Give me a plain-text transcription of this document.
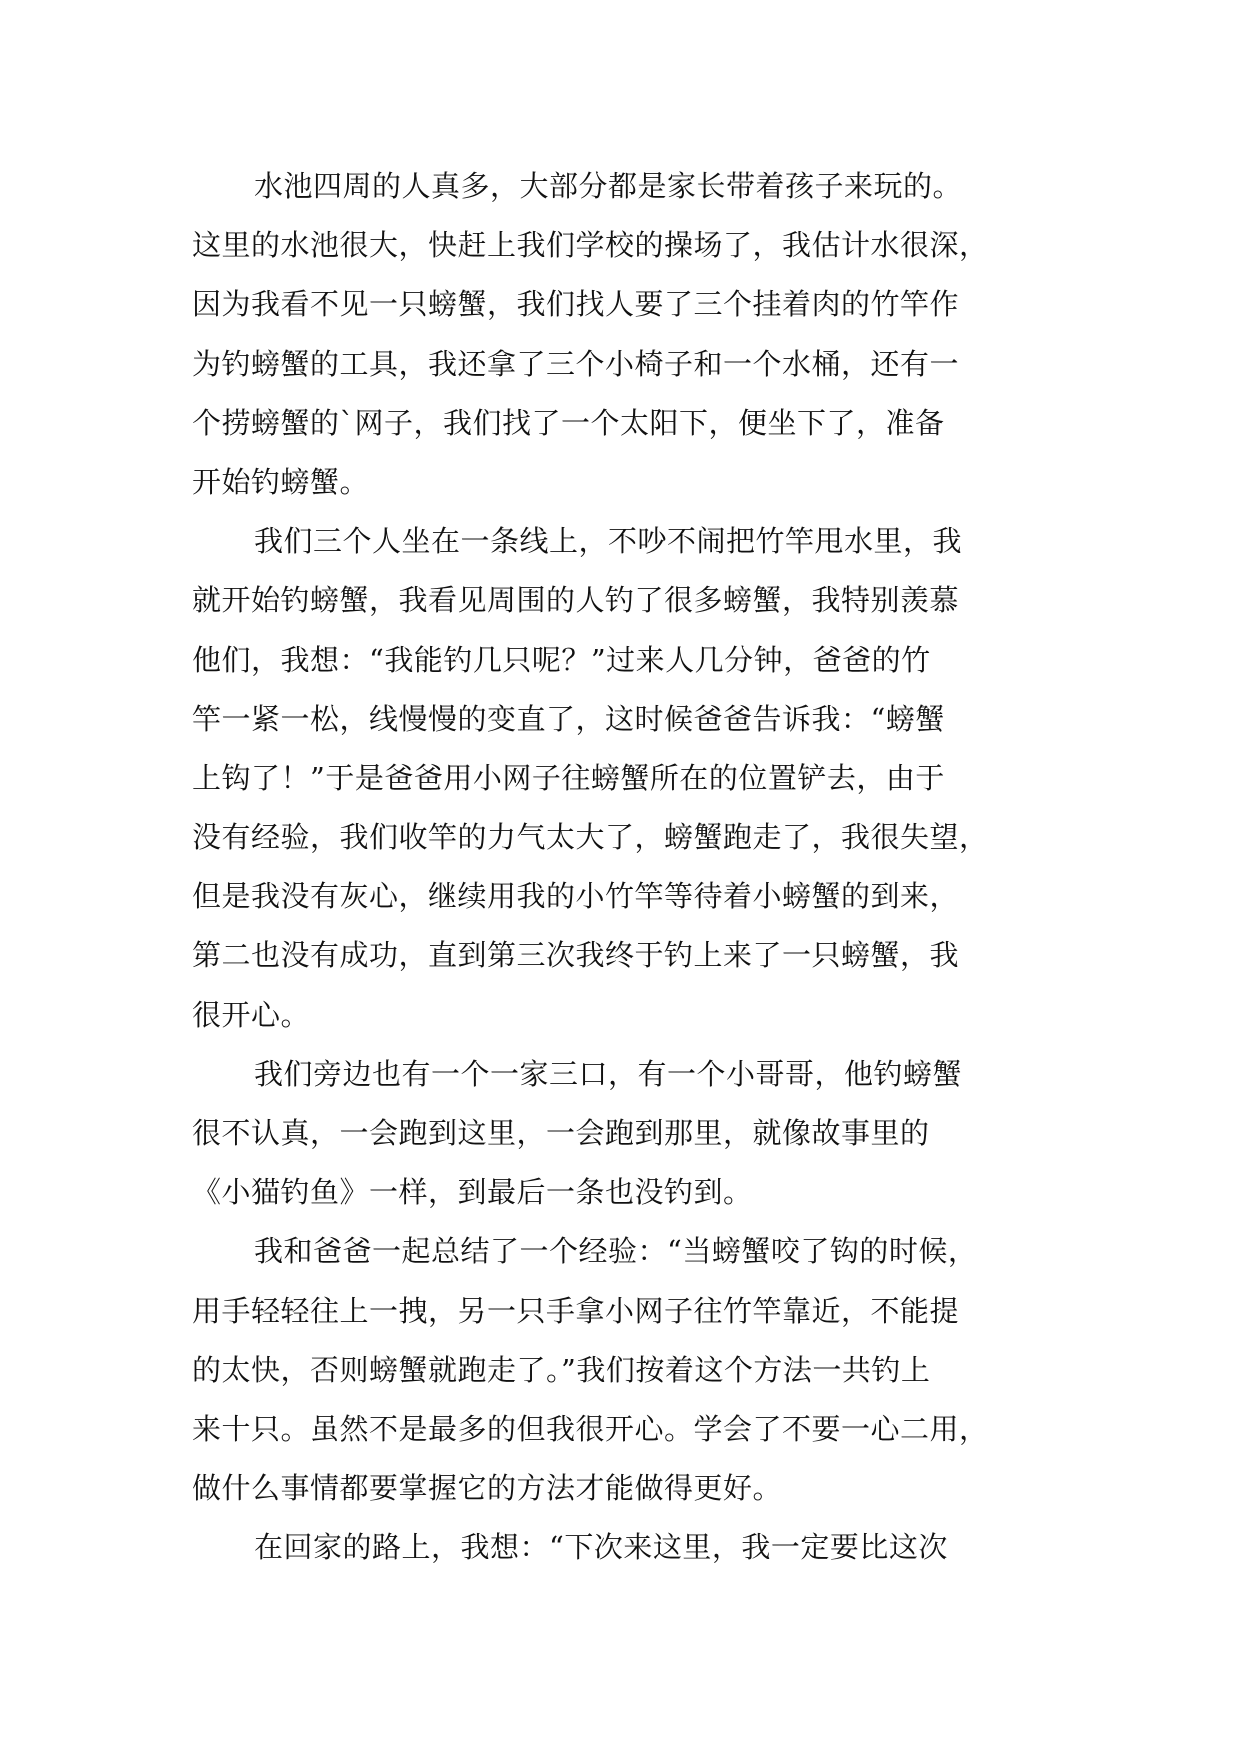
水池四周的人真多，大部分都是家长带着孩子来玩的。
这里的水池很大，快赶上我们学校的操场了，我估计水很深，
因为我看不见一只螃蟹，我们找人要了三个挂着肉的竹竿作
为钓螃蟹的工具，我还拿了三个小椅子和一个水桶，还有一
个捞螃蟹的`网子，我们找了一个太阳下，便坐下了，准备
开始钓螃蟹。
我们三个人坐在一条线上，不吵不闹把竹竿甩水里，我
就开始钓螃蟹，我看见周围的人钓了很多螃蟹，我特别羡慕
他们，我想：“我能钓几只呢？”过来人几分钟，爸爸的竹
竿一紧一松，线慢慢的变直了，这时候爸爸告诉我：“螃蟹
上钩了！”于是爸爸用小网子往螃蟹所在的位置铲去，由于
没有经验，我们收竿的力气太大了，螃蟹跑走了，我很失望，
但是我没有灰心，继续用我的小竹竿等待着小螃蟹的到来，
第二也没有成功，直到第三次我终于钓上来了一只螃蟹，我
很开心。
我们旁边也有一个一家三口，有一个小哥哥，他钓螃蟹
很不认真，一会跑到这里，一会跑到那里，就像故事里的
《小猫钓鱼》一样，到最后一条也没钓到。
我和爸爸一起总结了一个经验：“当螃蟹咬了钩的时候，
用手轻轻往上一拽，另一只手拿小网子往竹竿靠近，不能提
的太快，否则螃蟹就跑走了。”我们按着这个方法一共钓上
来十只。虽然不是最多的但我很开心。学会了不要一心二用，
做什么事情都要掌握它的方法才能做得更好。
在回家的路上，我想：“下次来这里，我一定要比这次
